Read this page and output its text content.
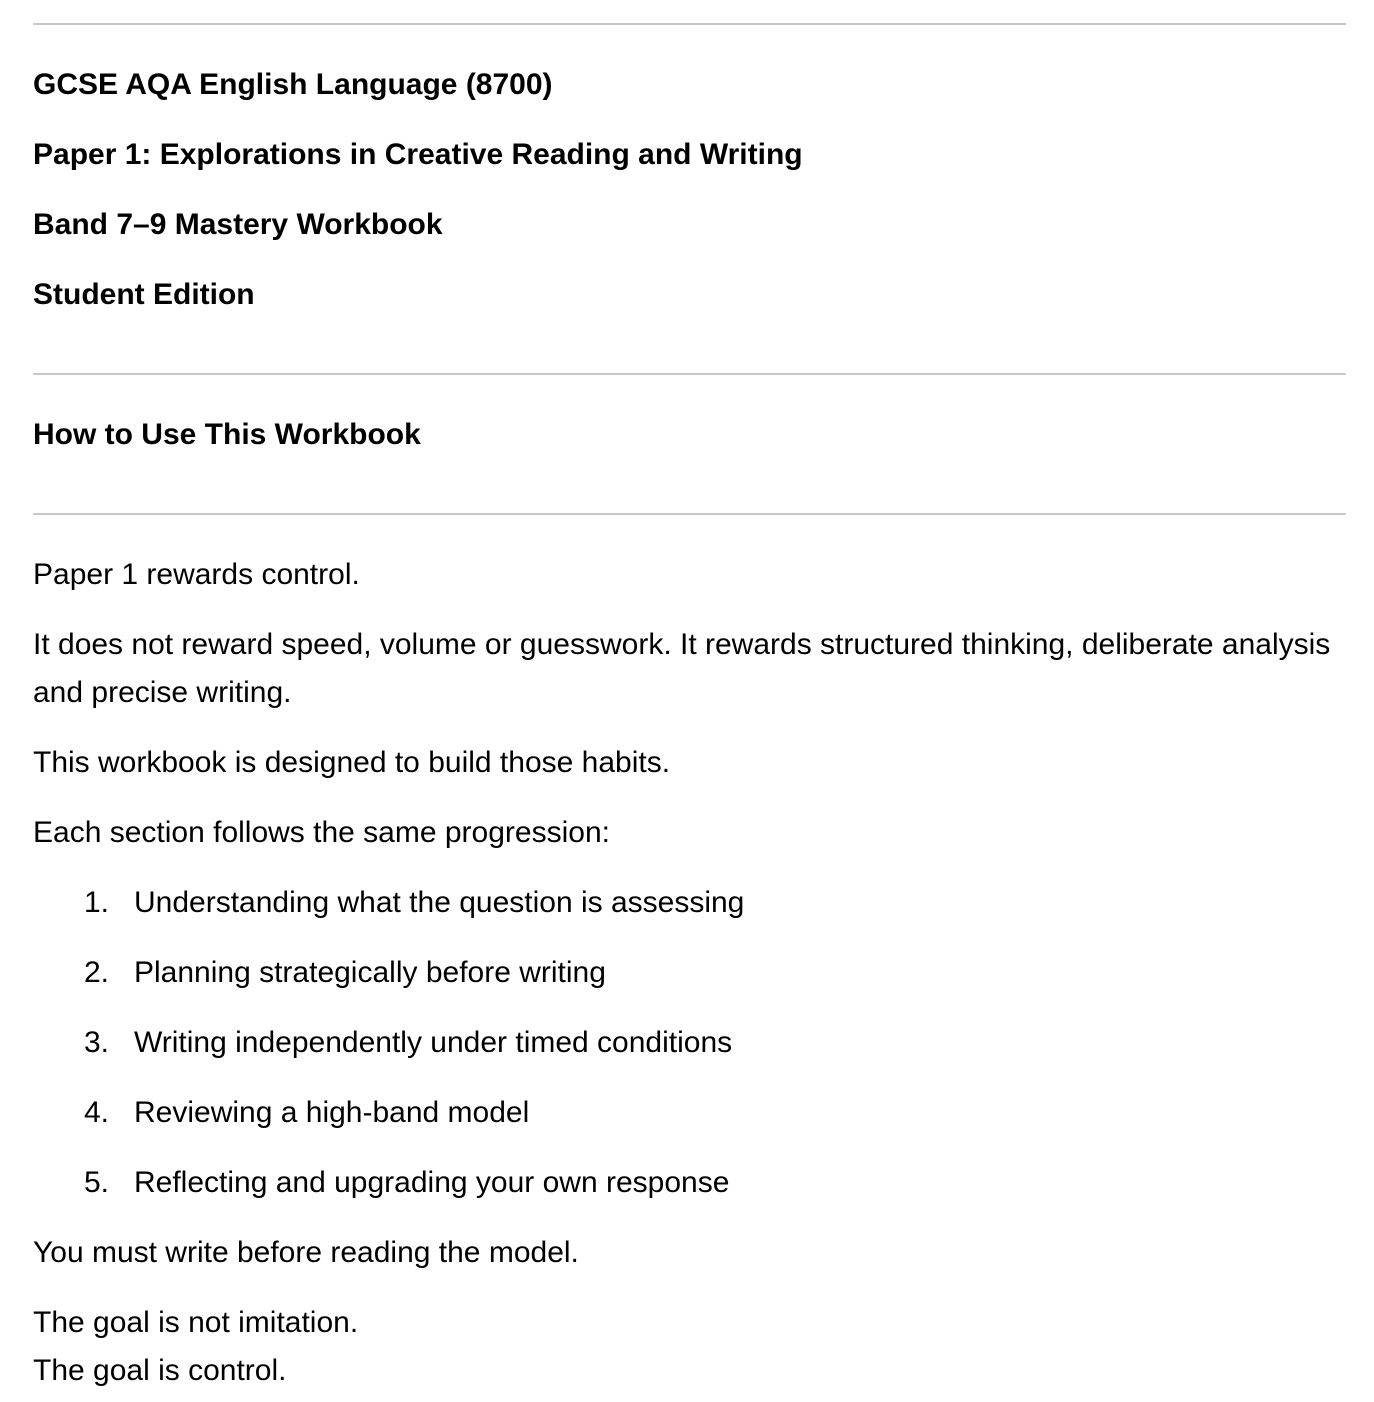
GCSE AQA English Language (8700)

Paper 1: Explorations in Creative Reading and Writing

Band 7–9 Mastery Workbook

Student Edition

How to Use This Workbook

Paper 1 rewards control.

It does not reward speed, volume or guesswork. It rewards structured thinking, deliberate analysis and precise writing.

This workbook is designed to build those habits.

Each section follows the same progression:

1. Understanding what the question is assessing
2. Planning strategically before writing
3. Writing independently under timed conditions
4. Reviewing a high-band model
5. Reflecting and upgrading your own response

You must write before reading the model.

The goal is not imitation.

The goal is control.
